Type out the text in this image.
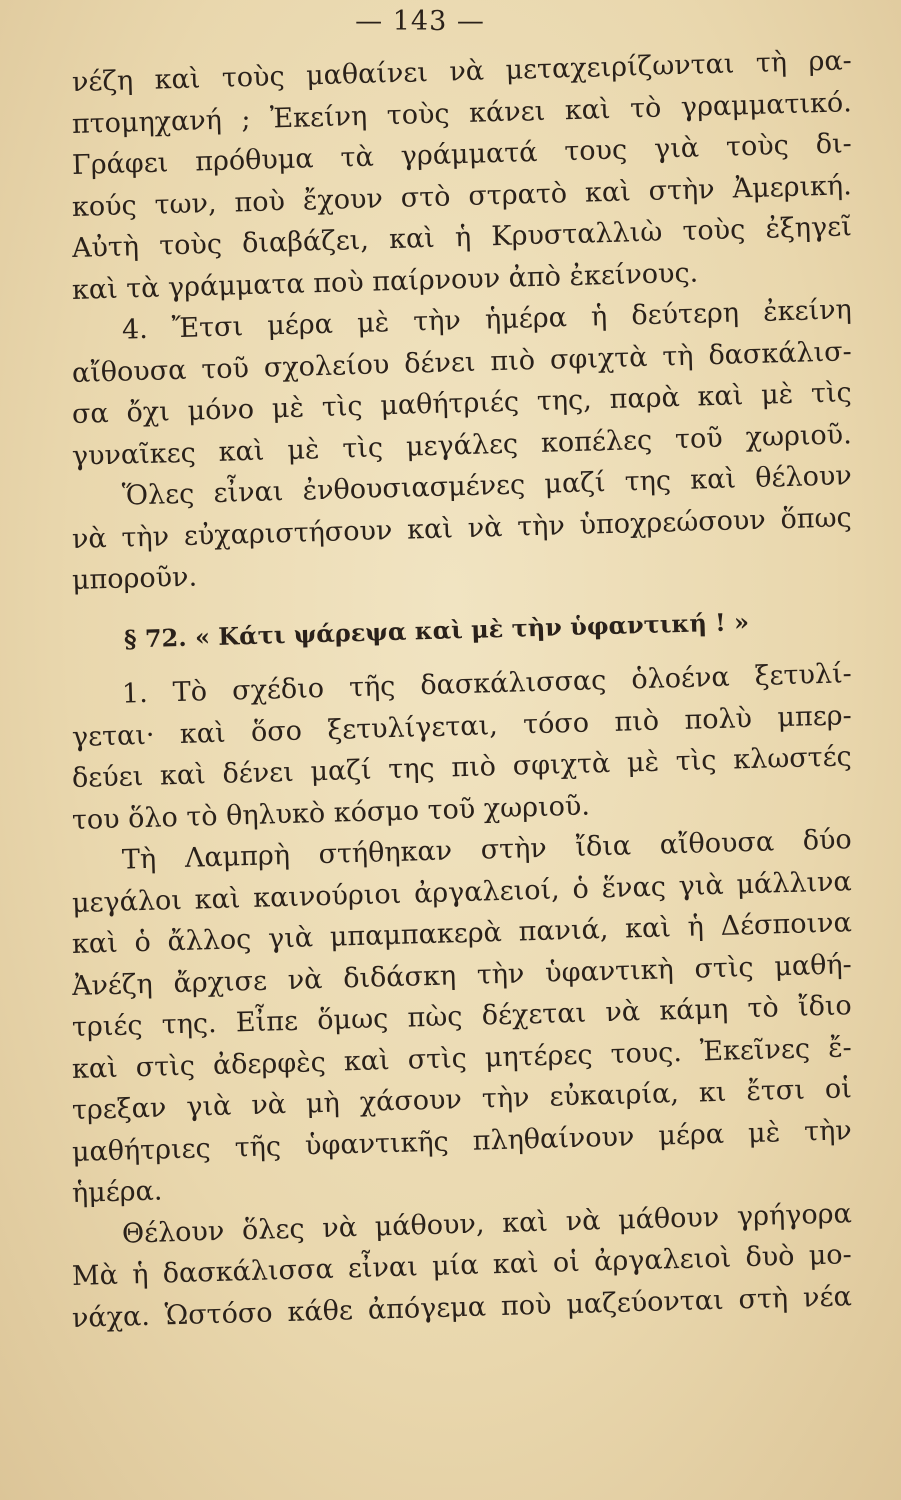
— 143 —
νέζη καὶ τοὺς μαθαίνει νὰ μεταχειρίζωνται τὴ ρα-
πτομηχανή ; Ἐκείνη τοὺς κάνει καὶ τὸ γραμματικό.
Γράφει πρόθυμα τὰ γράμματά τους γιὰ τοὺς δι-
κούς των, ποὺ ἔχουν στὸ στρατὸ καὶ στὴν Ἀμερική.
Αὐτὴ τοὺς διαβάζει, καὶ ἡ Κρυσταλλιὼ τοὺς ἐξηγεῖ
καὶ τὰ γράμματα ποὺ παίρνουν ἀπὸ ἐκείνους.
4. Ἔτσι μέρα μὲ τὴν ἡμέρα ἡ δεύτερη ἐκείνη
αἴθουσα τοῦ σχολείου δένει πιὸ σφιχτὰ τὴ δασκάλισ-
σα ὄχι μόνο μὲ τὶς μαθήτριές της, παρὰ καὶ μὲ τὶς
γυναῖκες καὶ μὲ τὶς μεγάλες κοπέλες τοῦ χωριοῦ.
Ὅλες εἶναι ἐνθουσιασμένες μαζί της καὶ θέλουν
νὰ τὴν εὐχαριστήσουν καὶ νὰ τὴν ὑποχρεώσουν ὅπως
μποροῦν.
§ 72. « Κάτι ψάρεψα καὶ μὲ τὴν ὑφαντική ! »
1. Τὸ σχέδιο τῆς δασκάλισσας ὁλοένα ξετυλί-
γεται· καὶ ὅσο ξετυλίγεται, τόσο πιὸ πολὺ μπερ-
δεύει καὶ δένει μαζί της πιὸ σφιχτὰ μὲ τὶς κλωστές
του ὅλο τὸ θηλυκὸ κόσμο τοῦ χωριοῦ.
Τὴ Λαμπρὴ στήθηκαν στὴν ἴδια αἴθουσα δύο
μεγάλοι καὶ καινούριοι ἀργαλειοί, ὁ ἕνας γιὰ μάλλινα
καὶ ὁ ἄλλος γιὰ μπαμπακερὰ πανιά, καὶ ἡ Δέσποινα
Ἀνέζη ἄρχισε νὰ διδάσκη τὴν ὑφαντικὴ στὶς μαθή-
τριές της. Εἶπε ὅμως πὼς δέχεται νὰ κάμη τὸ ἴδιο
καὶ στὶς ἀδερφὲς καὶ στὶς μητέρες τους. Ἐκεῖνες ἔ-
τρεξαν γιὰ νὰ μὴ χάσουν τὴν εὐκαιρία, κι ἔτσι οἱ
μαθήτριες τῆς ὑφαντικῆς πληθαίνουν μέρα μὲ τὴν
ἡμέρα.
Θέλουν ὅλες νὰ μάθουν, καὶ νὰ μάθουν γρήγορα
Μὰ ἡ δασκάλισσα εἶναι μία καὶ οἱ ἀργαλειοὶ δυὸ μο-
νάχα. Ὡστόσο κάθε ἀπόγεμα ποὺ μαζεύονται στὴ νέα
